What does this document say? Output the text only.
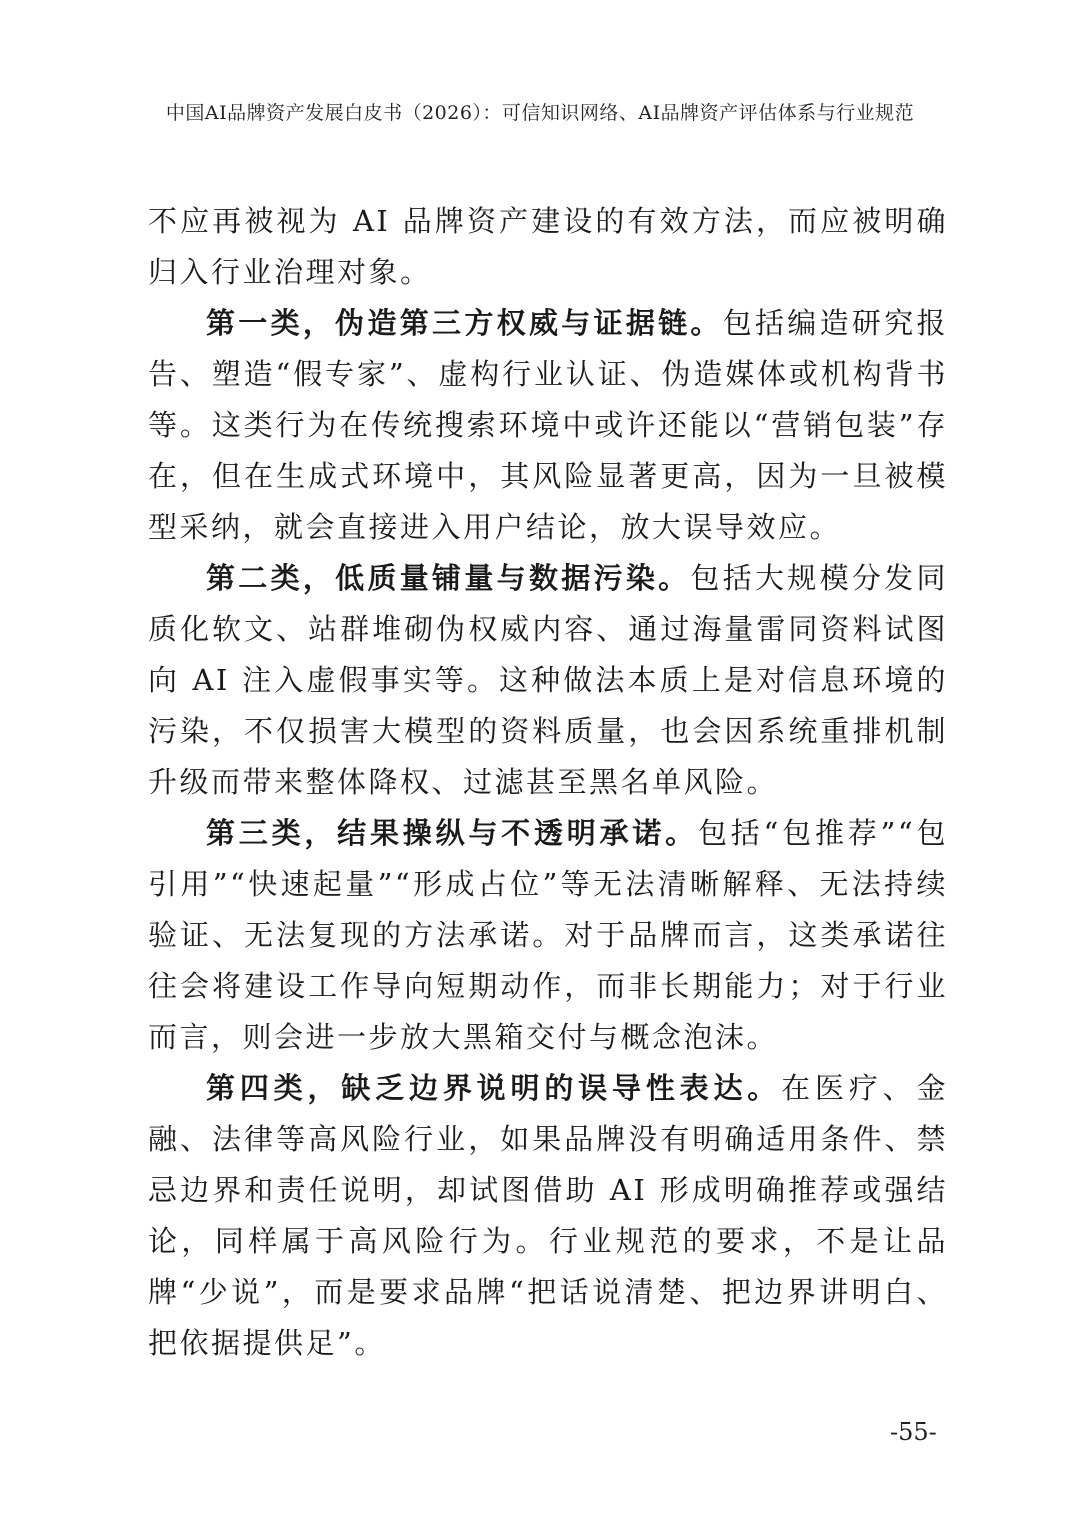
中国AI品牌资产发展白皮书（2026）：可信知识网络、AI品牌资产评估体系与行业规范

不应再被视为 AI 品牌资产建设的有效方法，而应被明确归入行业治理对象。

第一类，伪造第三方权威与证据链。包括编造研究报告、塑造“假专家”、虚构行业认证、伪造媒体或机构背书等。这类行为在传统搜索环境中或许还能以“营销包装”存在，但在生成式环境中，其风险显著更高，因为一旦被模型采纳，就会直接进入用户结论，放大误导效应。

第二类，低质量铺量与数据污染。包括大规模分发同质化软文、站群堆砌伪权威内容、通过海量雷同资料试图向 AI 注入虚假事实等。这种做法本质上是对信息环境的污染，不仅损害大模型的资料质量，也会因系统重排机制升级而带来整体降权、过滤甚至黑名单风险。

第三类，结果操纵与不透明承诺。包括“包推荐”“包引用”“快速起量”“形成占位”等无法清晰解释、无法持续验证、无法复现的方法承诺。对于品牌而言，这类承诺往往会将建设工作导向短期动作，而非长期能力；对于行业而言，则会进一步放大黑箱交付与概念泡沫。

第四类，缺乏边界说明的误导性表达。在医疗、金融、法律等高风险行业，如果品牌没有明确适用条件、禁忌边界和责任说明，却试图借助 AI 形成明确推荐或强结论，同样属于高风险行为。行业规范的要求，不是让品牌“少说”，而是要求品牌“把话说清楚、把边界讲明白、把依据提供足”。

-55-
